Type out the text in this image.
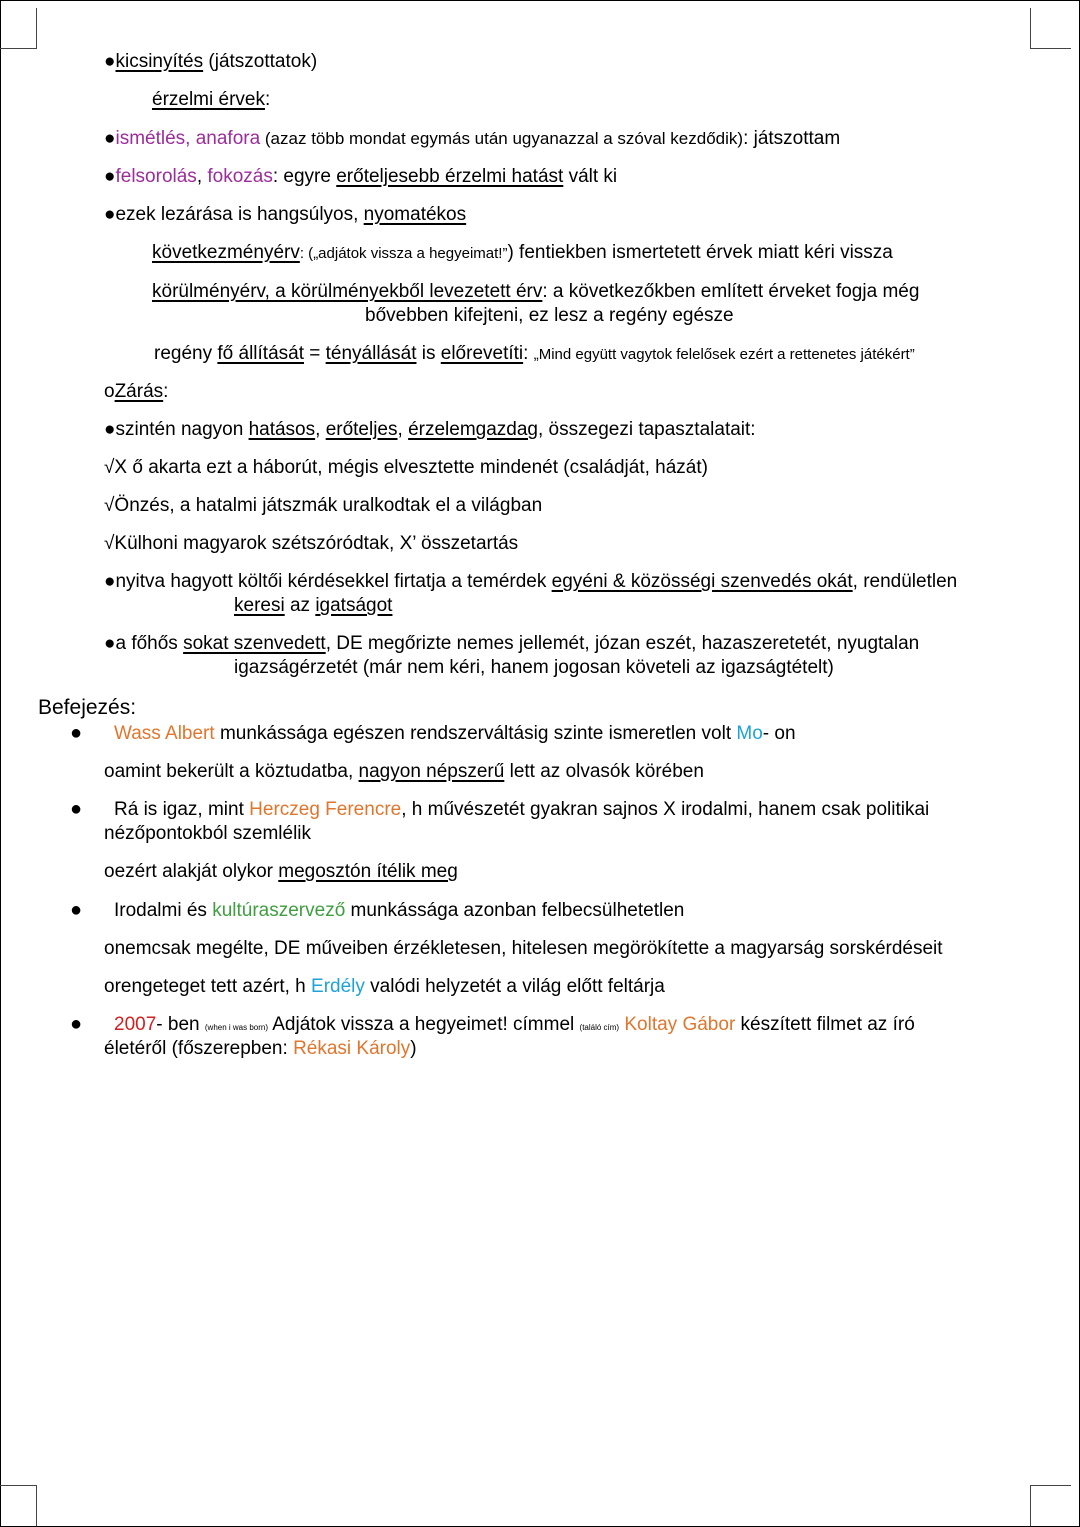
●kicsinyítés (játszottatok)
érzelmi érvek:
●ismétlés, anafora (azaz több mondat egymás után ugyanazzal a szóval kezdődik): játszottam
●felsorolás, fokozás: egyre erőteljesebb érzelmi hatást vált ki
●ezek lezárása is hangsúlyos, nyomatékos
következményérv: („adjátok vissza a hegyeimat!”) fentiekben ismertetett érvek miatt kéri vissza
körülményérv, a körülményekből levezetett érv: a következőkben említett érveket fogja még
bővebben kifejteni, ez lesz a regény egésze
regény fő állítását = tényállását is előrevetíti: „Mind együtt vagytok felelősek ezért a rettenetes játékért”
oZárás:
●szintén nagyon hatásos, erőteljes, érzelemgazdag, összegezi tapasztalatait:
√X ő akarta ezt a háborút, mégis elvesztette mindenét (családját, házát)
√Önzés, a hatalmi játszmák uralkodtak el a világban
√Külhoni magyarok szétszóródtak, X’ összetartás
●nyitva hagyott költői kérdésekkel firtatja a temérdek egyéni & közösségi szenvedés okát, rendületlen
keresi az igatságot
●a főhős sokat szenvedett, DE megőrizte nemes jellemét, józan eszét, hazaszeretetét, nyugtalan
igazságérzetét (már nem kéri, hanem jogosan követeli az igazságtételt)
Befejezés:
● Wass Albert munkássága egészen rendszerváltásig szinte ismeretlen volt Mo- on
oamint bekerült a köztudatba, nagyon népszerű lett az olvasók körében
● Rá is igaz, mint Herczeg Ferencre, h művészetét gyakran sajnos X irodalmi, hanem csak politikai
nézőpontokból szemlélik
oezért alakját olykor megosztón ítélik meg
● Irodalmi és kultúraszervező munkássága azonban felbecsülhetetlen
onemcsak megélte, DE műveiben érzékletesen, hitelesen megörökítette a magyarság sorskérdéseit
orengeteget tett azért, h Erdély valódi helyzetét a világ előtt feltárja
● 2007- ben (when i was born) Adjátok vissza a hegyeimet! címmel (találó cím) Koltay Gábor készített filmet az író
életéről (főszerepben: Rékasi Károly)
